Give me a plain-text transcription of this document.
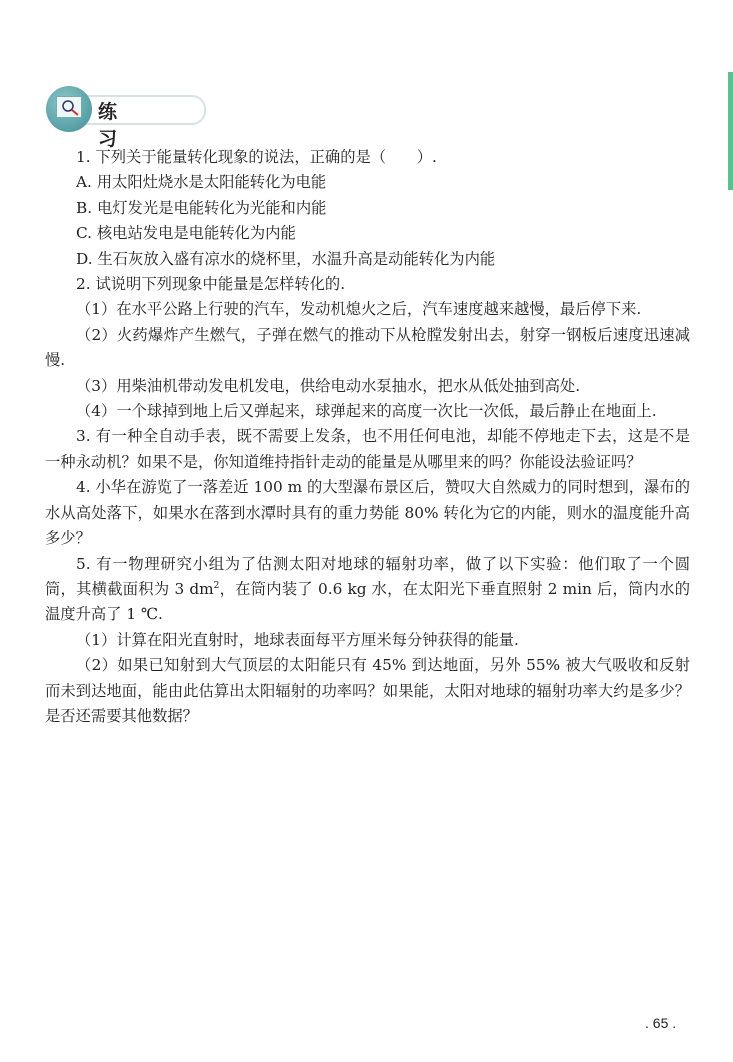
练 习

1. 下列关于能量转化现象的说法，正确的是（　　）.

A. 用太阳灶烧水是太阳能转化为电能

B. 电灯发光是电能转化为光能和内能

C. 核电站发电是电能转化为内能

D. 生石灰放入盛有凉水的烧杯里，水温升高是动能转化为内能

2. 试说明下列现象中能量是怎样转化的.

（1）在水平公路上行驶的汽车，发动机熄火之后，汽车速度越来越慢，最后停下来.

（2）火药爆炸产生燃气，子弹在燃气的推动下从枪膛发射出去，射穿一钢板后速度迅速减慢.

（3）用柴油机带动发电机发电，供给电动水泵抽水，把水从低处抽到高处.

（4）一个球掉到地上后又弹起来，球弹起来的高度一次比一次低，最后静止在地面上.

3. 有一种全自动手表，既不需要上发条，也不用任何电池，却能不停地走下去，这是不是一种永动机？如果不是，你知道维持指针走动的能量是从哪里来的吗？你能设法验证吗？

4. 小华在游览了一落差近 100 m 的大型瀑布景区后，赞叹大自然威力的同时想到，瀑布的水从高处落下，如果水在落到水潭时具有的重力势能 80% 转化为它的内能，则水的温度能升高多少？

5. 有一物理研究小组为了估测太阳对地球的辐射功率，做了以下实验：他们取了一个圆筒，其横截面积为 3 $dm^2$，在筒内装了 0.6 kg 水，在太阳光下垂直照射 2 min 后，筒内水的温度升高了 1 ℃.

（1）计算在阳光直射时，地球表面每平方厘米每分钟获得的能量.

（2）如果已知射到大气顶层的太阳能只有 45% 到达地面，另外 55% 被大气吸收和反射而未到达地面，能由此估算出太阳辐射的功率吗？如果能，太阳对地球的辐射功率大约是多少？是否还需要其他数据？

. 65 .
